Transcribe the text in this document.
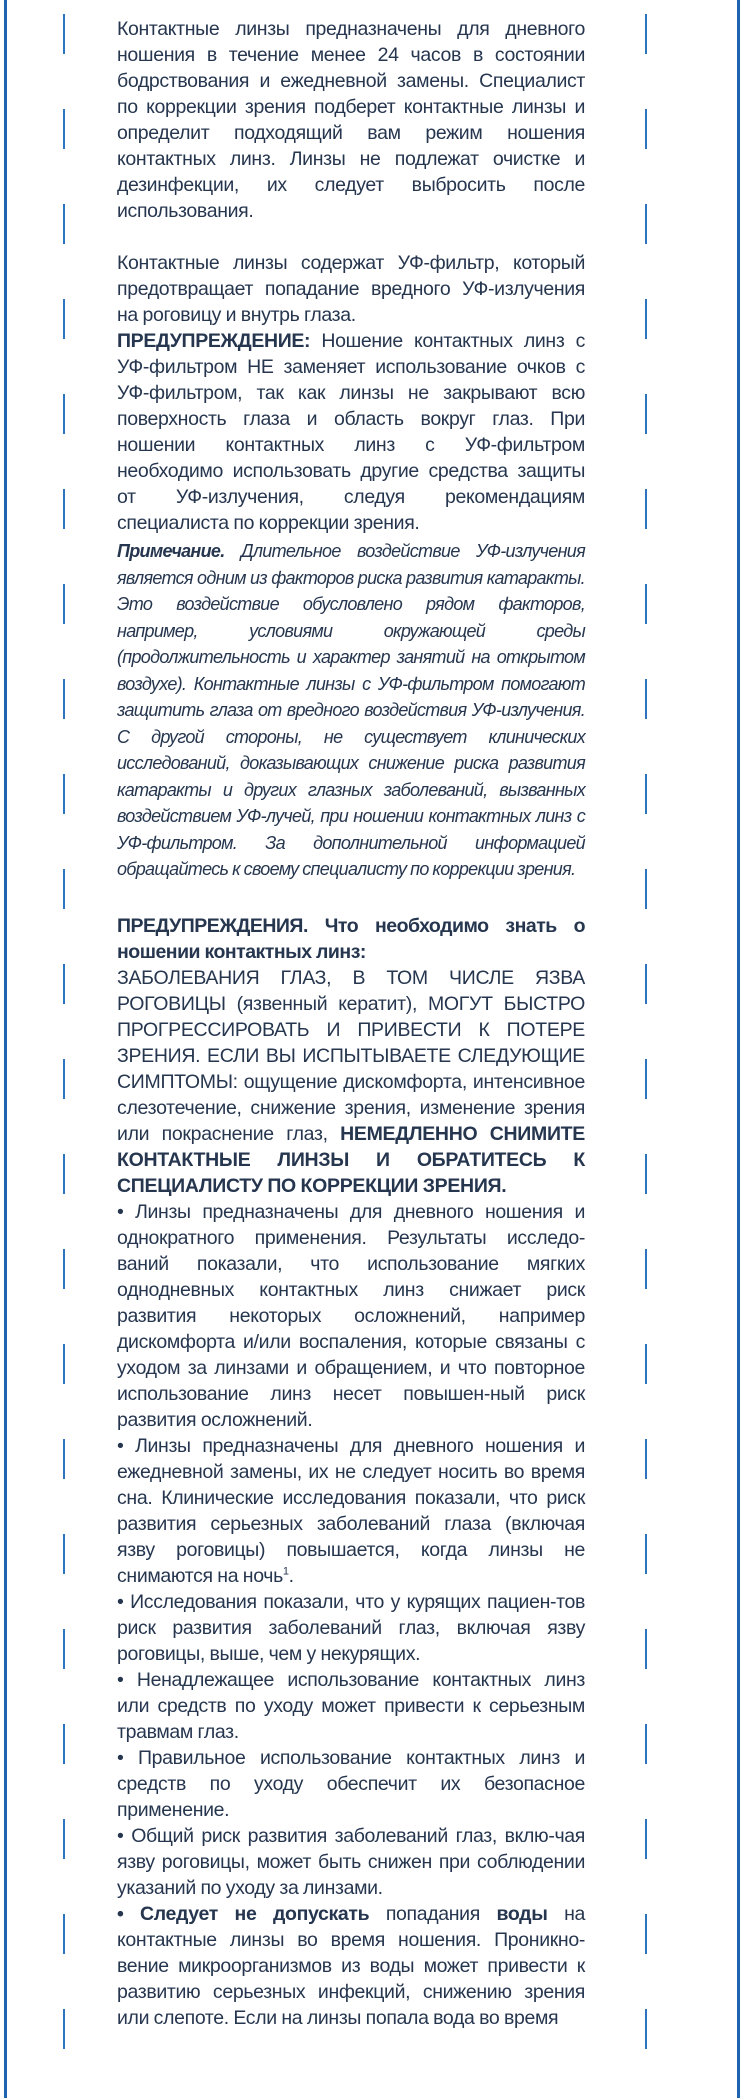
Контактные линзы предназначены для дневного ношения в течение менее 24 часов в состоянии бодрствования и ежедневной замены. Специалист по коррекции зрения подберет контактные линзы и определит подходящий вам режим ношения контактных линз. Линзы не подлежат очистке и дезинфекции, их следует выбросить после использования.

Контактные линзы содержат УФ-фильтр, который предотвращает попадание вредного УФ-излучения на роговицу и внутрь глаза.

ПРЕДУПРЕЖДЕНИЕ: Ношение контактных линз с УФ-фильтром НЕ заменяет использование очков с УФ-фильтром, так как линзы не закрывают всю поверхность глаза и область вокруг глаз. При ношении контактных линз с УФ-фильтром необходимо использовать другие средства защиты от УФ-излучения, следуя рекомендациям специалиста по коррекции зрения.

Примечание. Длительное воздействие УФ-излучения является одним из факторов риска развития катаракты. Это воздействие обусловлено рядом факторов, например, условиями окружающей среды (продолжительность и характер занятий на открытом воздухе). Контактные линзы с УФ-фильтром помогают защитить глаза от вредного воздействия УФ-излучения. С другой стороны, не существует клинических исследований, доказывающих снижение риска развития катаракты и других глазных заболеваний, вызванных воздействием УФ-лучей, при ношении контактных линз с УФ-фильтром. За дополнительной информацией обращайтесь к своему специалисту по коррекции зрения.

ПРЕДУПРЕЖДЕНИЯ. Что необходимо знать о ношении контактных линз:

ЗАБОЛЕВАНИЯ ГЛАЗ, В ТОМ ЧИСЛЕ ЯЗВА РОГОВИЦЫ (язвенный кератит), МОГУТ БЫСТРО ПРОГРЕССИРОВАТЬ И ПРИВЕСТИ К ПОТЕРЕ ЗРЕНИЯ. ЕСЛИ ВЫ ИСПЫТЫВАЕТЕ СЛЕДУЮЩИЕ СИМПТОМЫ: ощущение дискомфорта, интенсивное слезотечение, снижение зрения, изменение зрения или покраснение глаз, НЕМЕДЛЕННО СНИМИТЕ КОНТАКТНЫЕ ЛИНЗЫ И ОБРАТИТЕСЬ К СПЕЦИАЛИСТУ ПО КОРРЕКЦИИ ЗРЕНИЯ.

• Линзы предназначены для дневного ношения и однократного применения. Результаты исследо-ваний показали, что использование мягких однодневных контактных линз снижает риск развития некоторых осложнений, например дискомфорта и/или воспаления, которые связаны с уходом за линзами и обращением, и что повторное использование линз несет повышен-ный риск развития осложнений.

• Линзы предназначены для дневного ношения и ежедневной замены, их не следует носить во время сна. Клинические исследования показали, что риск развития серьезных заболеваний глаза (включая язву роговицы) повышается, когда линзы не снимаются на ночь$^1$.

• Исследования показали, что у курящих пациен-тов риск развития заболеваний глаз, включая язву роговицы, выше, чем у некурящих.

• Ненадлежащее использование контактных линз или средств по уходу может привести к серьезным травмам глаз.

• Правильное использование контактных линз и средств по уходу обеспечит их безопасное применение.

• Общий риск развития заболеваний глаз, вклю-чая язву роговицы, может быть снижен при соблюдении указаний по уходу за линзами.

• Следует не допускать попадания воды на контактные линзы во время ношения. Проникно-вение микроорганизмов из воды может привести к развитию серьезных инфекций, снижению зрения или слепоте. Если на линзы попала вода во время
